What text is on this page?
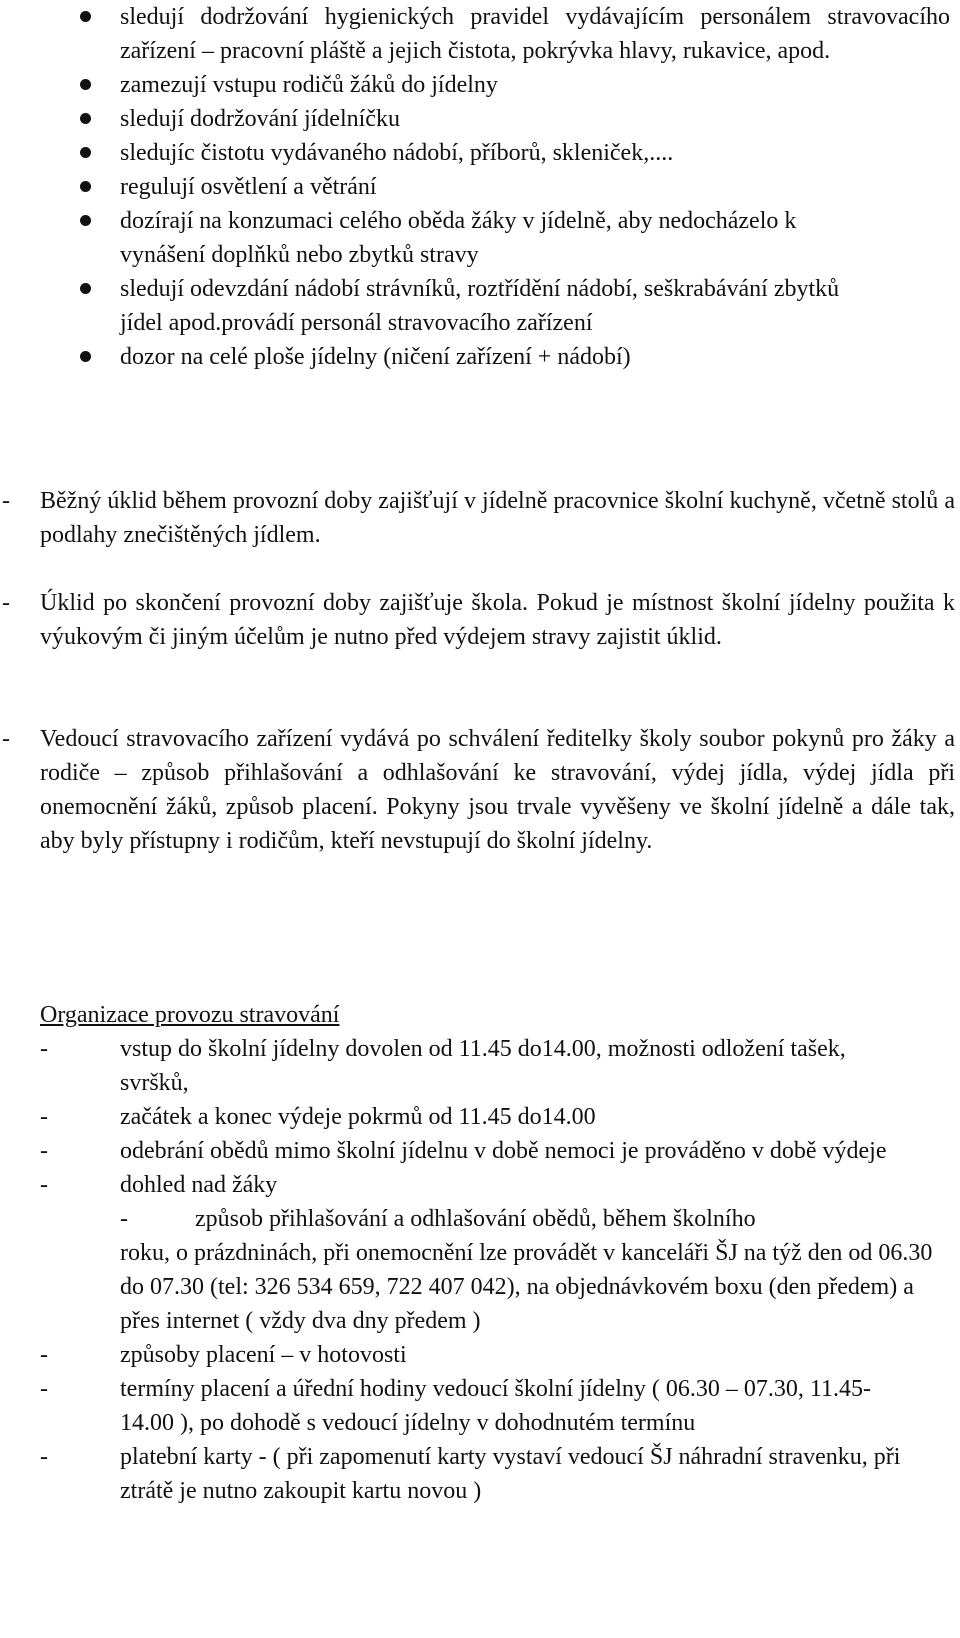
sledují dodržování hygienických pravidel vydávajícím personálem stravovacího zařízení – pracovní pláště a jejich čistota, pokrývka hlavy, rukavice, apod.
zamezují vstupu rodičů žáků do jídelny
sledují dodržování jídelníčku
sledujíc čistotu vydávaného nádobí, příborů, skleniček,....
regulují osvětlení a větrání
dozírají na konzumaci celého oběda žáky v jídelně, aby nedocházelo k vynášení doplňků nebo zbytků stravy
sledují odevzdání nádobí strávníků, roztřídění nádobí, seškrabávání zbytků jídel apod.provádí personál stravovacího zařízení
dozor na celé ploše jídelny (ničení zařízení + nádobí)

-	Běžný úklid během provozní doby zajišťují v jídelně pracovnice školní kuchyně, včetně stolů a podlahy znečištěných jídlem.

-	Úklid po skončení provozní doby zajišťuje škola. Pokud je místnost školní jídelny použita k výukovým či jiným účelům je nutno před výdejem stravy zajistit úklid.

-	Vedoucí stravovacího zařízení vydává po schválení ředitelky školy soubor pokynů pro žáky a rodiče – způsob přihlašování a odhlašování ke stravování, výdej jídla, výdej jídla při onemocnění žáků, způsob placení. Pokyny jsou trvale vyvěšeny ve školní jídelně a dále tak, aby byly přístupny i rodičům, kteří nevstupují do školní jídelny.

Organizace provozu stravování
-	vstup do školní jídelny dovolen od 11.45 do14.00, možnosti odložení tašek, svršků,
-	začátek a konec výdeje pokrmů od 11.45 do14.00
-	odebrání obědů mimo školní jídelnu v době nemoci je prováděno v době výdeje
-	dohled nad žáky
-	způsob přihlašování a odhlašování obědů, během školního
roku, o prázdninách, při onemocnění lze provádět v kanceláři ŠJ na týž den od 06.30 do 07.30 (tel: 326 534 659, 722 407 042), na objednávkovém boxu (den předem) a přes internet ( vždy dva dny předem )
-	způsoby placení – v hotovosti
-	termíny placení a úřední hodiny vedoucí školní jídelny ( 06.30 – 07.30, 11.45- 14.00 ), po dohodě s vedoucí jídelny v dohodnutém termínu
-	platební karty - ( při zapomenutí karty vystaví vedoucí ŠJ náhradní stravenku, při ztrátě je nutno zakoupit kartu novou )
